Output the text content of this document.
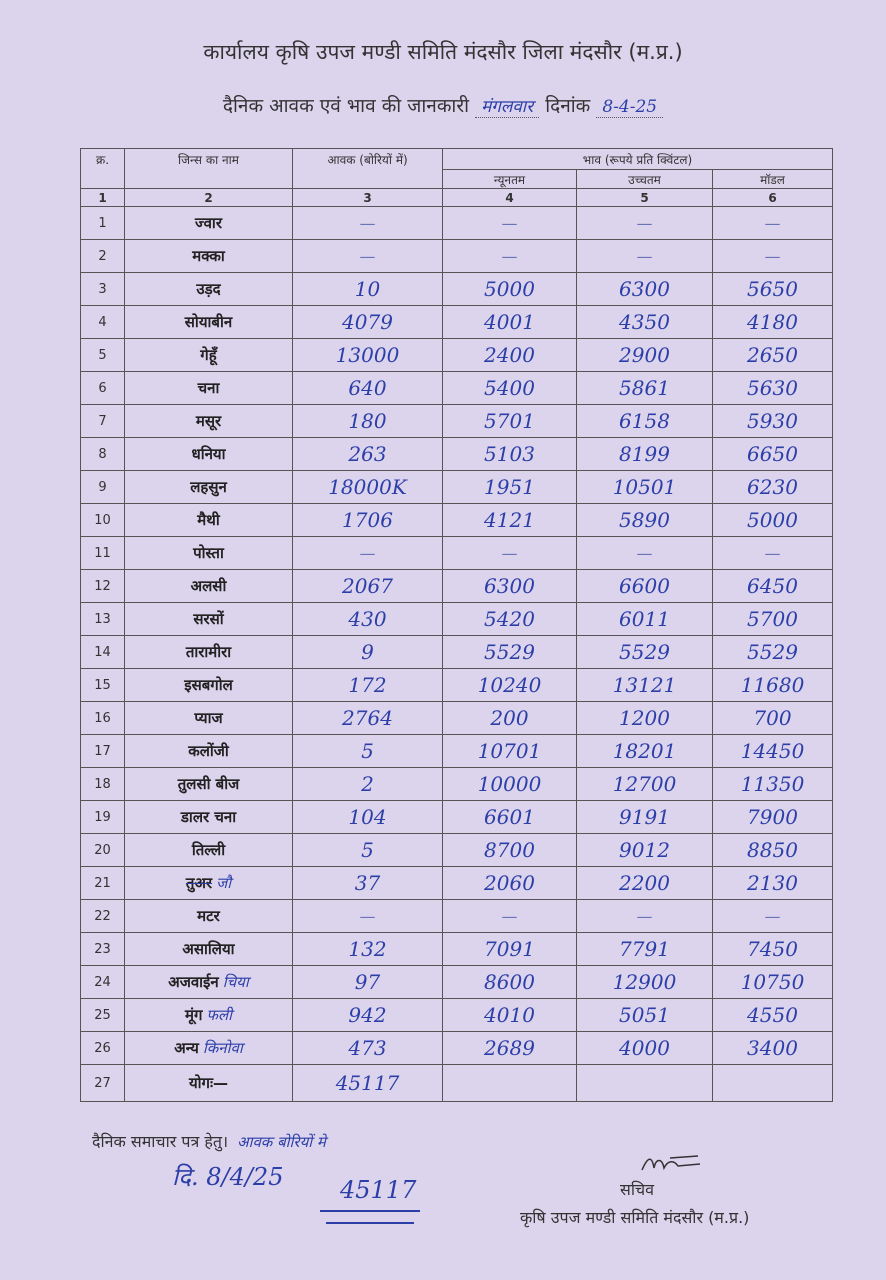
कार्यालय कृषि उपज मण्डी समिति मंदसौर जिला मंदसौर (म.प्र.)
दैनिक आवक एवं भाव की जानकारी मंगलवार दिनांक 8-4-25
क्र.	जिन्स का नाम	आवक (बोरियों में)	भाव (रूपये प्रति क्विंटल)		
			न्यूनतम	उच्चतम	मॉडल
1	2	3	4	5	6
1	ज्वार	—	—	—	—
2	मक्का	—	—	—	—
3	उड़द	10	5000	6300	5650
4	सोयाबीन	4079	4001	4350	4180
5	गेहूँ	13000	2400	2900	2650
6	चना	640	5400	5861	5630
7	मसूर	180	5701	6158	5930
8	धनिया	263	5103	8199	6650
9	लहसुन	18000K	1951	10501	6230
10	मैथी	1706	4121	5890	5000
11	पोस्ता	—	—	—	—
12	अलसी	2067	6300	6600	6450
13	सरसों	430	5420	6011	5700
14	तारामीरा	9	5529	5529	5529
15	इसबगोल	172	10240	13121	11680
16	प्याज	2764	200	1200	700
17	कलोंजी	5	10701	18201	14450
18	तुलसी बीज	2	10000	12700	11350
19	डालर चना	104	6601	9191	7900
20	तिल्ली	5	8700	9012	8850
21	तुअर जौ	37	2060	2200	2130
22	मटर	—	—	—	—
23	असालिया	132	7091	7791	7450
24	अजवाईन चिया	97	8600	12900	10750
25	मूंग फली	942	4010	5051	4550
26	अन्य किनोवा	473	2689	4000	3400
27	योगः—	45117			
दैनिक समाचार पत्र हेतु। आवक बोरियों मे
दि. 8/4/25 45117	सचिव
कृषि उपज मण्डी समिति मंदसौर (म.प्र.)
